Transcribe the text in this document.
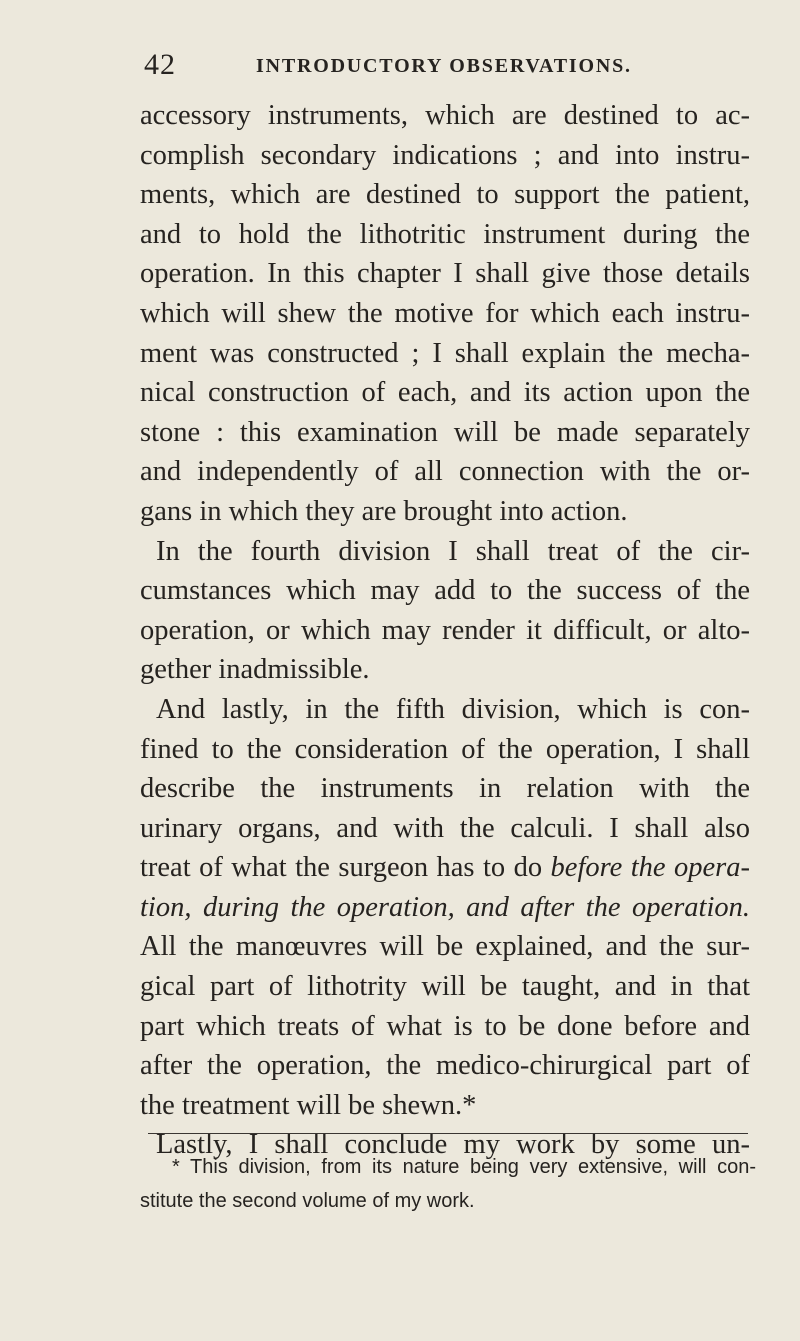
42	INTRODUCTORY OBSERVATIONS.
accessory instruments, which are destined to ac-
complish secondary indications ; and into instru-
ments, which are destined to support the patient,
and to hold the lithotritic instrument during the
operation. In this chapter I shall give those details
which will shew the motive for which each instru-
ment was constructed ; I shall explain the mecha-
nical construction of each, and its action upon the
stone : this examination will be made separately
and independently of all connection with the or-
gans in which they are brought into action.
In the fourth division I shall treat of the cir-
cumstances which may add to the success of the
operation, or which may render it difficult, or alto-
gether inadmissible.
And lastly, in the fifth division, which is con-
fined to the consideration of the operation, I shall
describe the instruments in relation with the
urinary organs, and with the calculi. I shall also
treat of what the surgeon has to do before the opera-
tion, during the operation, and after the operation.
All the manœuvres will be explained, and the sur-
gical part of lithotrity will be taught, and in that
part which treats of what is to be done before and
after the operation, the medico-chirurgical part of
the treatment will be shewn.*
Lastly, I shall conclude my work by some un-
* This division, from its nature being very extensive, will con-
stitute the second volume of my work.
